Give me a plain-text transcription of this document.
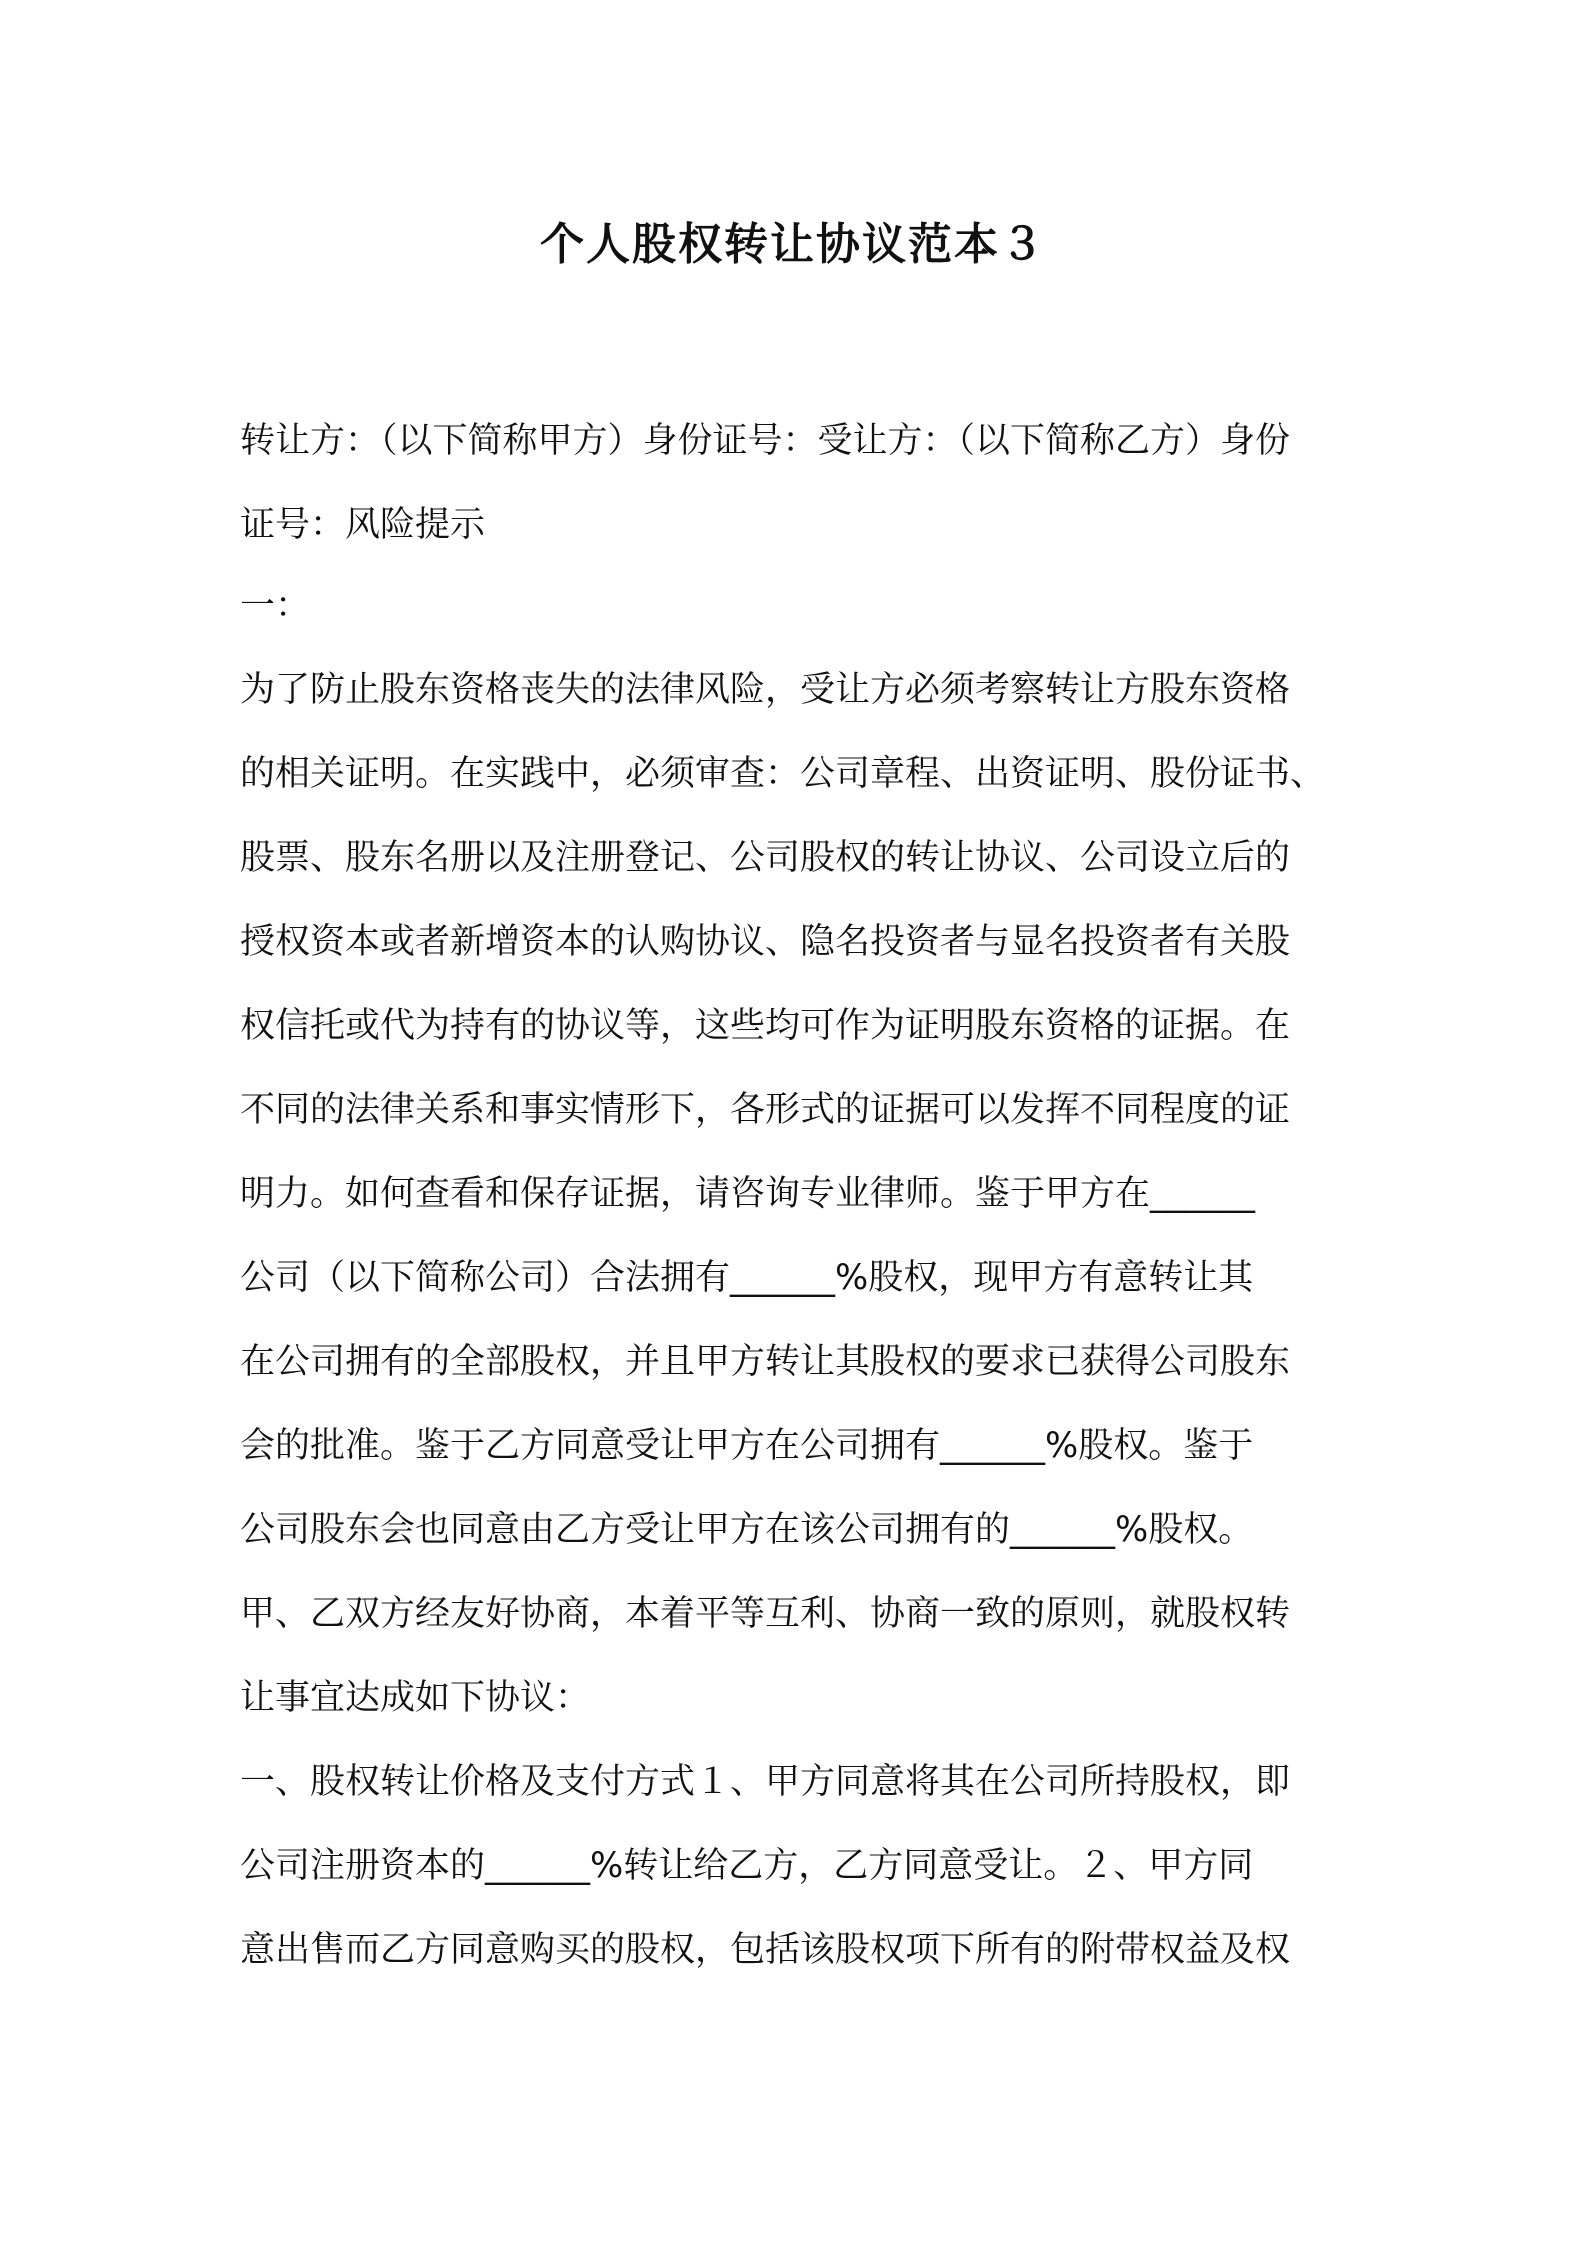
个人股权转让协议范本３
转让方：（以下简称甲方）身份证号：受让方：（以下简称乙方）身份
证号：风险提示
一：
为了防止股东资格丧失的法律风险，受让方必须考察转让方股东资格
的相关证明。在实践中，必须审查：公司章程、出资证明、股份证书、
股票、股东名册以及注册登记、公司股权的转让协议、公司设立后的
授权资本或者新增资本的认购协议、隐名投资者与显名投资者有关股
权信托或代为持有的协议等，这些均可作为证明股东资格的证据。在
不同的法律关系和事实情形下，各形式的证据可以发挥不同程度的证
明力。如何查看和保存证据，请咨询专业律师。鉴于甲方在______
公司（以下简称公司）合法拥有______%股权，现甲方有意转让其
在公司拥有的全部股权，并且甲方转让其股权的要求已获得公司股东
会的批准。鉴于乙方同意受让甲方在公司拥有______%股权。鉴于
公司股东会也同意由乙方受让甲方在该公司拥有的______%股权。
甲、乙双方经友好协商，本着平等互利、协商一致的原则，就股权转
让事宜达成如下协议：
一、股权转让价格及支付方式１、甲方同意将其在公司所持股权，即
公司注册资本的______%转让给乙方，乙方同意受让。２、甲方同
意出售而乙方同意购买的股权，包括该股权项下所有的附带权益及权
